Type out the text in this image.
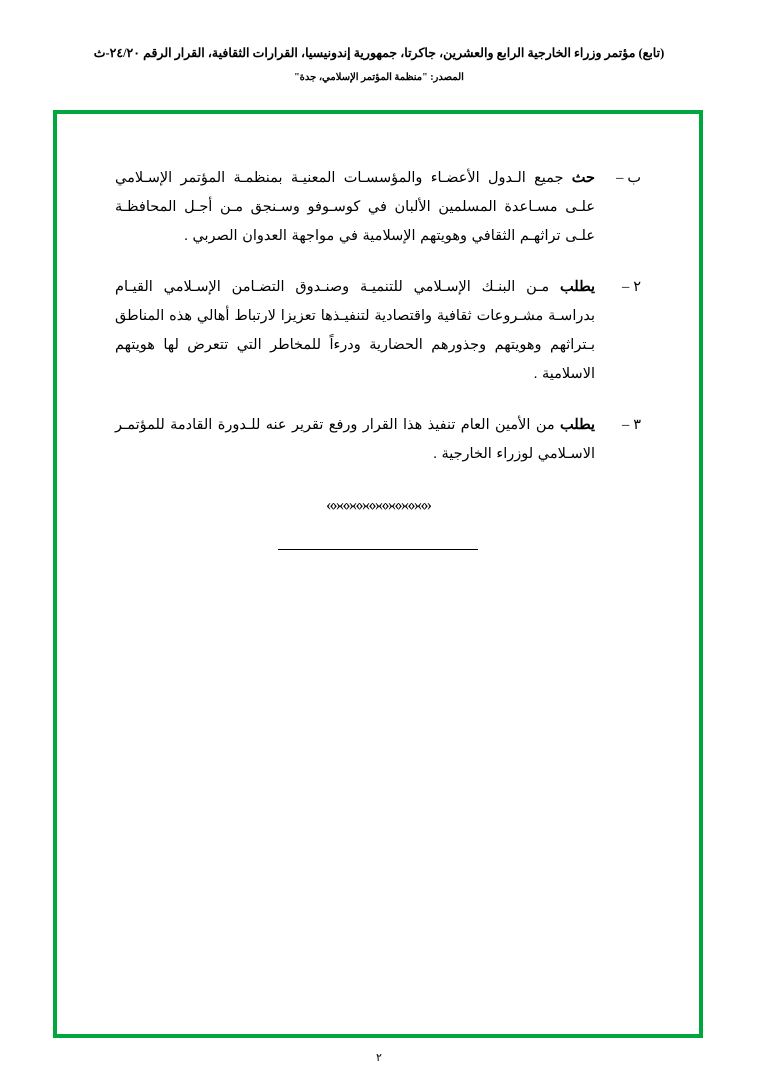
(تابع) مؤتمر وزراء الخارجية الرابع والعشرين، جاكرتا، جمهورية إندونيسيا، القرارات الثقافية، القرار الرقم ٢٤/٢٠-ث
المصدر: "منظمة المؤتمر الإسلامي، جدة"
ب–
حث جميع الـدول الأعضـاء والمؤسسـات المعنيـة بمنظمـة المؤتمر الإسـلامي علـى مسـاعدة المسلمين الألبان في كوسـوفو وسـنجق مـن أجـل المحافظـة علـى تراثهـم الثقافي وهويتهم الإسلامية في مواجهة العدوان الصربي .
٢–
يطلب مـن البنـك الإسـلامي للتنميـة وصنـدوق التضـامن الإسـلامي القيـام بدراسـة مشـروعات ثقافية واقتصادية لتنفيـذها تعزيزا لارتباط أهالي هذه المناطق بـتراثهم وهويتهم وجذورهم الحضارية ودرءاً للمخاطر التي تتعرض لها هويتهم الاسلامية .
٣–
يطلب من الأمين العام تنفيذ هذا القرار ورفع تقرير عنه للـدورة القادمة للمؤتمـر الاسـلامي لوزراء الخارجية .
«»«»«»«»«»«»«»«»
٢
